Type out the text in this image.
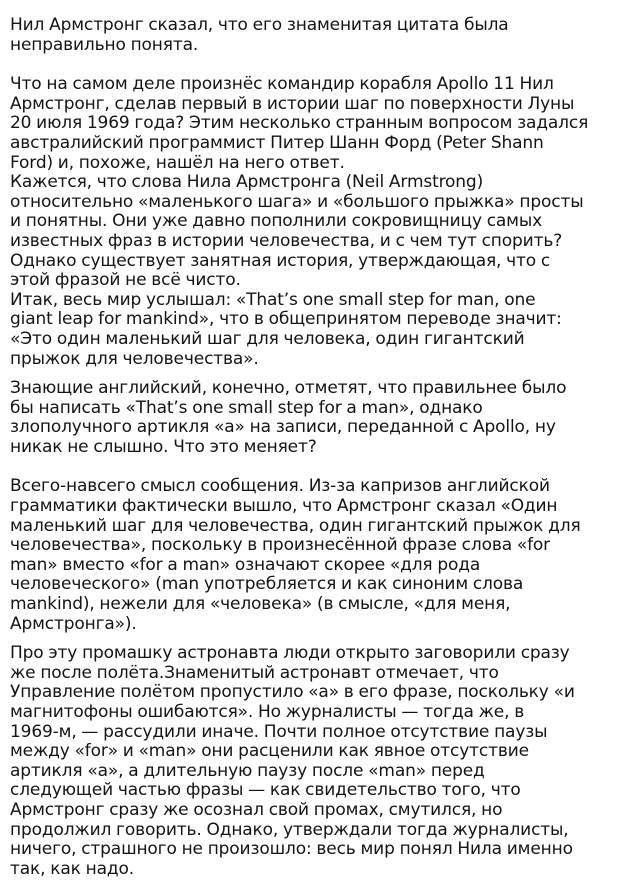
Нил Армстронг сказал, что его знаменитая цитата была
неправильно понята.

Что на самом деле произнёс командир корабля Apollo 11 Нил
Армстронг, сделав первый в истории шаг по поверхности Луны
20 июля 1969 года? Этим несколько странным вопросом задался
австралийский программист Питер Шанн Форд (Peter Shann
Ford) и, похоже, нашёл на него ответ.
Кажется, что слова Нила Армстронга (Neil Armstrong)
относительно «маленького шага» и «большого прыжка» просты
и понятны. Они уже давно пополнили сокровищницу самых
известных фраз в истории человечества, и с чем тут спорить?
Однако существует занятная история, утверждающая, что с
этой фразой не всё чисто.
Итак, весь мир услышал: «That’s one small step for man, one
giant leap for mankind», что в общепринятом переводе значит:
«Это один маленький шаг для человека, один гигантский
прыжок для человечества».

Знающие английский, конечно, отметят, что правильнее было
бы написать «That’s one small step for a man», однако
злополучного артикля «а» на записи, переданной с Apollo, ну
никак не слышно. Что это меняет?

Всего-навсего смысл сообщения. Из-за капризов английской
грамматики фактически вышло, что Армстронг сказал «Один
маленький шаг для человечества, один гигантский прыжок для
человечества», поскольку в произнесённой фразе слова «for
man» вместо «for a man» означают скорее «для рода
человеческого» (man употребляется и как синоним слова
mankind), нежели для «человека» (в смысле, «для меня,
Армстронга»).

Про эту промашку астронавта люди открыто заговорили сразу
же после полёта.Знаменитый астронавт отмечает, что
Управление полётом пропустило «а» в его фразе, поскольку «и
магнитофоны ошибаются». Но журналисты — тогда же, в
1969-м, — рассудили иначе. Почти полное отсутствие паузы
между «for» и «man» они расценили как явное отсутствие
артикля «а», а длительную паузу после «man» перед
следующей частью фразы — как свидетельство того, что
Армстронг сразу же осознал свой промах, смутился, но
продолжил говорить. Однако, утверждали тогда журналисты,
ничего, страшного не произошло: весь мир понял Нила именно
так, как надо.
